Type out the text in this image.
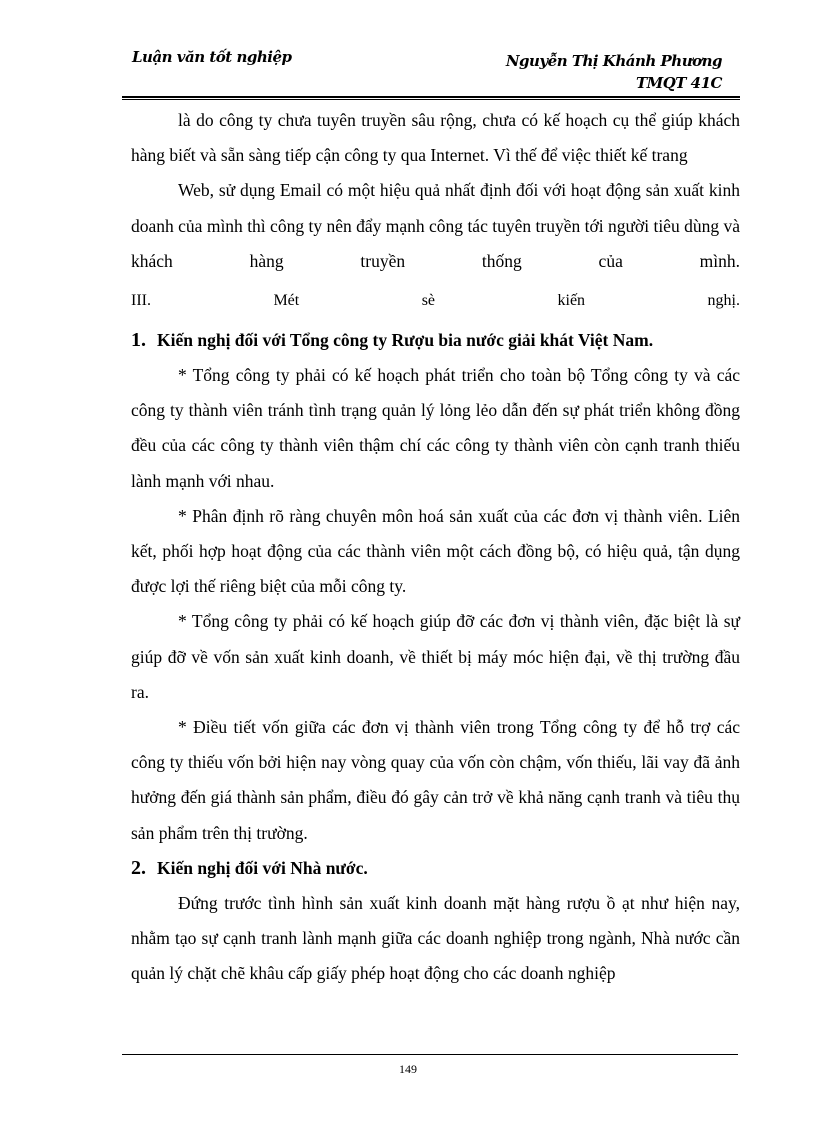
Luận văn tốt nghiệp	Nguyễn Thị Khánh Phương
TMQT 41C

là do công ty chưa tuyên truyền sâu rộng, chưa có kế hoạch cụ thể giúp khách hàng biết và sẵn sàng tiếp cận công ty qua Internet. Vì thế để việc thiết kế trang

Web, sử dụng Email có một hiệu quả nhất định đối với hoạt động sản xuất kinh doanh của mình thì công ty nên đẩy mạnh công tác tuyên truyền tới người tiêu dùng và khách hàng truyền thống của mình.

III.	Mét	sè	kiến	nghị.
1. Kiến nghị đối với Tổng công ty Rượu bia nước giải khát Việt Nam.

* Tổng công ty phải có kế hoạch phát triển cho toàn bộ Tổng công ty và các công ty thành viên tránh tình trạng quản lý lỏng lẻo dẫn đến sự phát triển không đồng đều của các công ty thành viên thậm chí các công ty thành viên còn cạnh tranh thiếu lành mạnh với nhau.

* Phân định rõ ràng chuyên môn hoá sản xuất của các đơn vị thành viên. Liên kết, phối hợp hoạt động của các thành viên một cách đồng bộ, có hiệu quả, tận dụng được lợi thế riêng biệt của mỗi công ty.

* Tổng công ty phải có kế hoạch giúp đỡ các đơn vị thành viên, đặc biệt là sự giúp đỡ về vốn sản xuất kinh doanh, về thiết bị máy móc hiện đại, về thị trường đầu ra.

* Điều tiết vốn giữa các đơn vị thành viên trong Tổng công ty để hỗ trợ các công ty thiếu vốn bởi hiện nay vòng quay của vốn còn chậm, vốn thiếu, lãi vay đã ảnh hưởng đến giá thành sản phẩm, điều đó gây cản trở về khả năng cạnh tranh và tiêu thụ sản phẩm trên thị trường.

2. Kiến nghị đối với Nhà nước.

Đứng trước tình hình sản xuất kinh doanh mặt hàng rượu ồ ạt như hiện nay, nhằm tạo sự cạnh tranh lành mạnh giữa các doanh nghiệp trong ngành, Nhà nước cần quản lý chặt chẽ khâu cấp giấy phép hoạt động cho các doanh nghiệp

149
